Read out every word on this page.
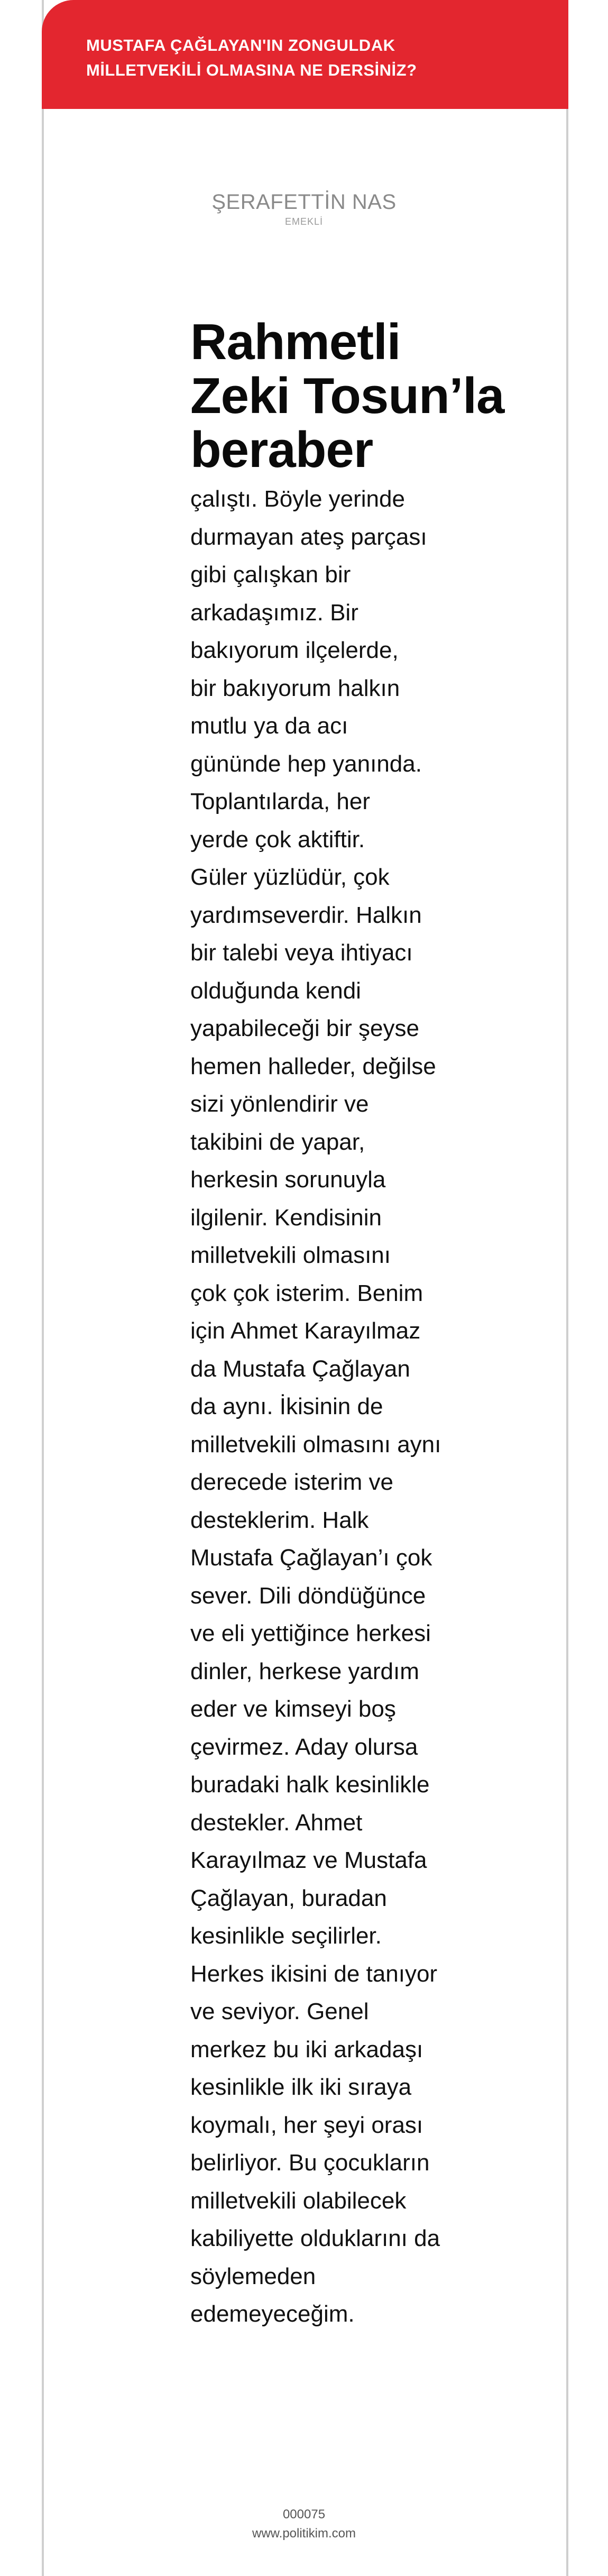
MUSTAFA ÇAĞLAYAN'IN ZONGULDAK
MİLLETVEKİLİ OLMASINA NE DERSİNİZ?

ŞERAFETTİN NAS
EMEKLİ
Rahmetli
Zeki Tosun’la
beraber
çalıştı. Böyle yerinde
durmayan ateş parçası
gibi çalışkan bir
arkadaşımız. Bir
bakıyorum ilçelerde,
bir bakıyorum halkın
mutlu ya da acı
gününde hep yanında.
Toplantılarda, her
yerde çok aktiftir.
Güler yüzlüdür, çok
yardımseverdir. Halkın
bir talebi veya ihtiyacı
olduğunda kendi
yapabileceği bir şeyse
hemen halleder, değilse
sizi yönlendirir ve
takibini de yapar,
herkesin sorunuyla
ilgilenir. Kendisinin
milletvekili olmasını
çok çok isterim. Benim
için Ahmet Karayılmaz
da Mustafa Çağlayan
da aynı. İkisinin de
milletvekili olmasını aynı
derecede isterim ve
desteklerim. Halk
Mustafa Çağlayan’ı çok
sever. Dili döndüğünce
ve eli yettiğince herkesi
dinler, herkese yardım
eder ve kimseyi boş
çevirmez. Aday olursa
buradaki halk kesinlikle
destekler. Ahmet
Karayılmaz ve Mustafa
Çağlayan, buradan
kesinlikle seçilirler.
Herkes ikisini de tanıyor
ve seviyor. Genel
merkez bu iki arkadaşı
kesinlikle ilk iki sıraya
koymalı, her şeyi orası
belirliyor. Bu çocukların
milletvekili olabilecek
kabiliyette olduklarını da
söylemeden
edemeyeceğim.
000075
www.politikim.com
